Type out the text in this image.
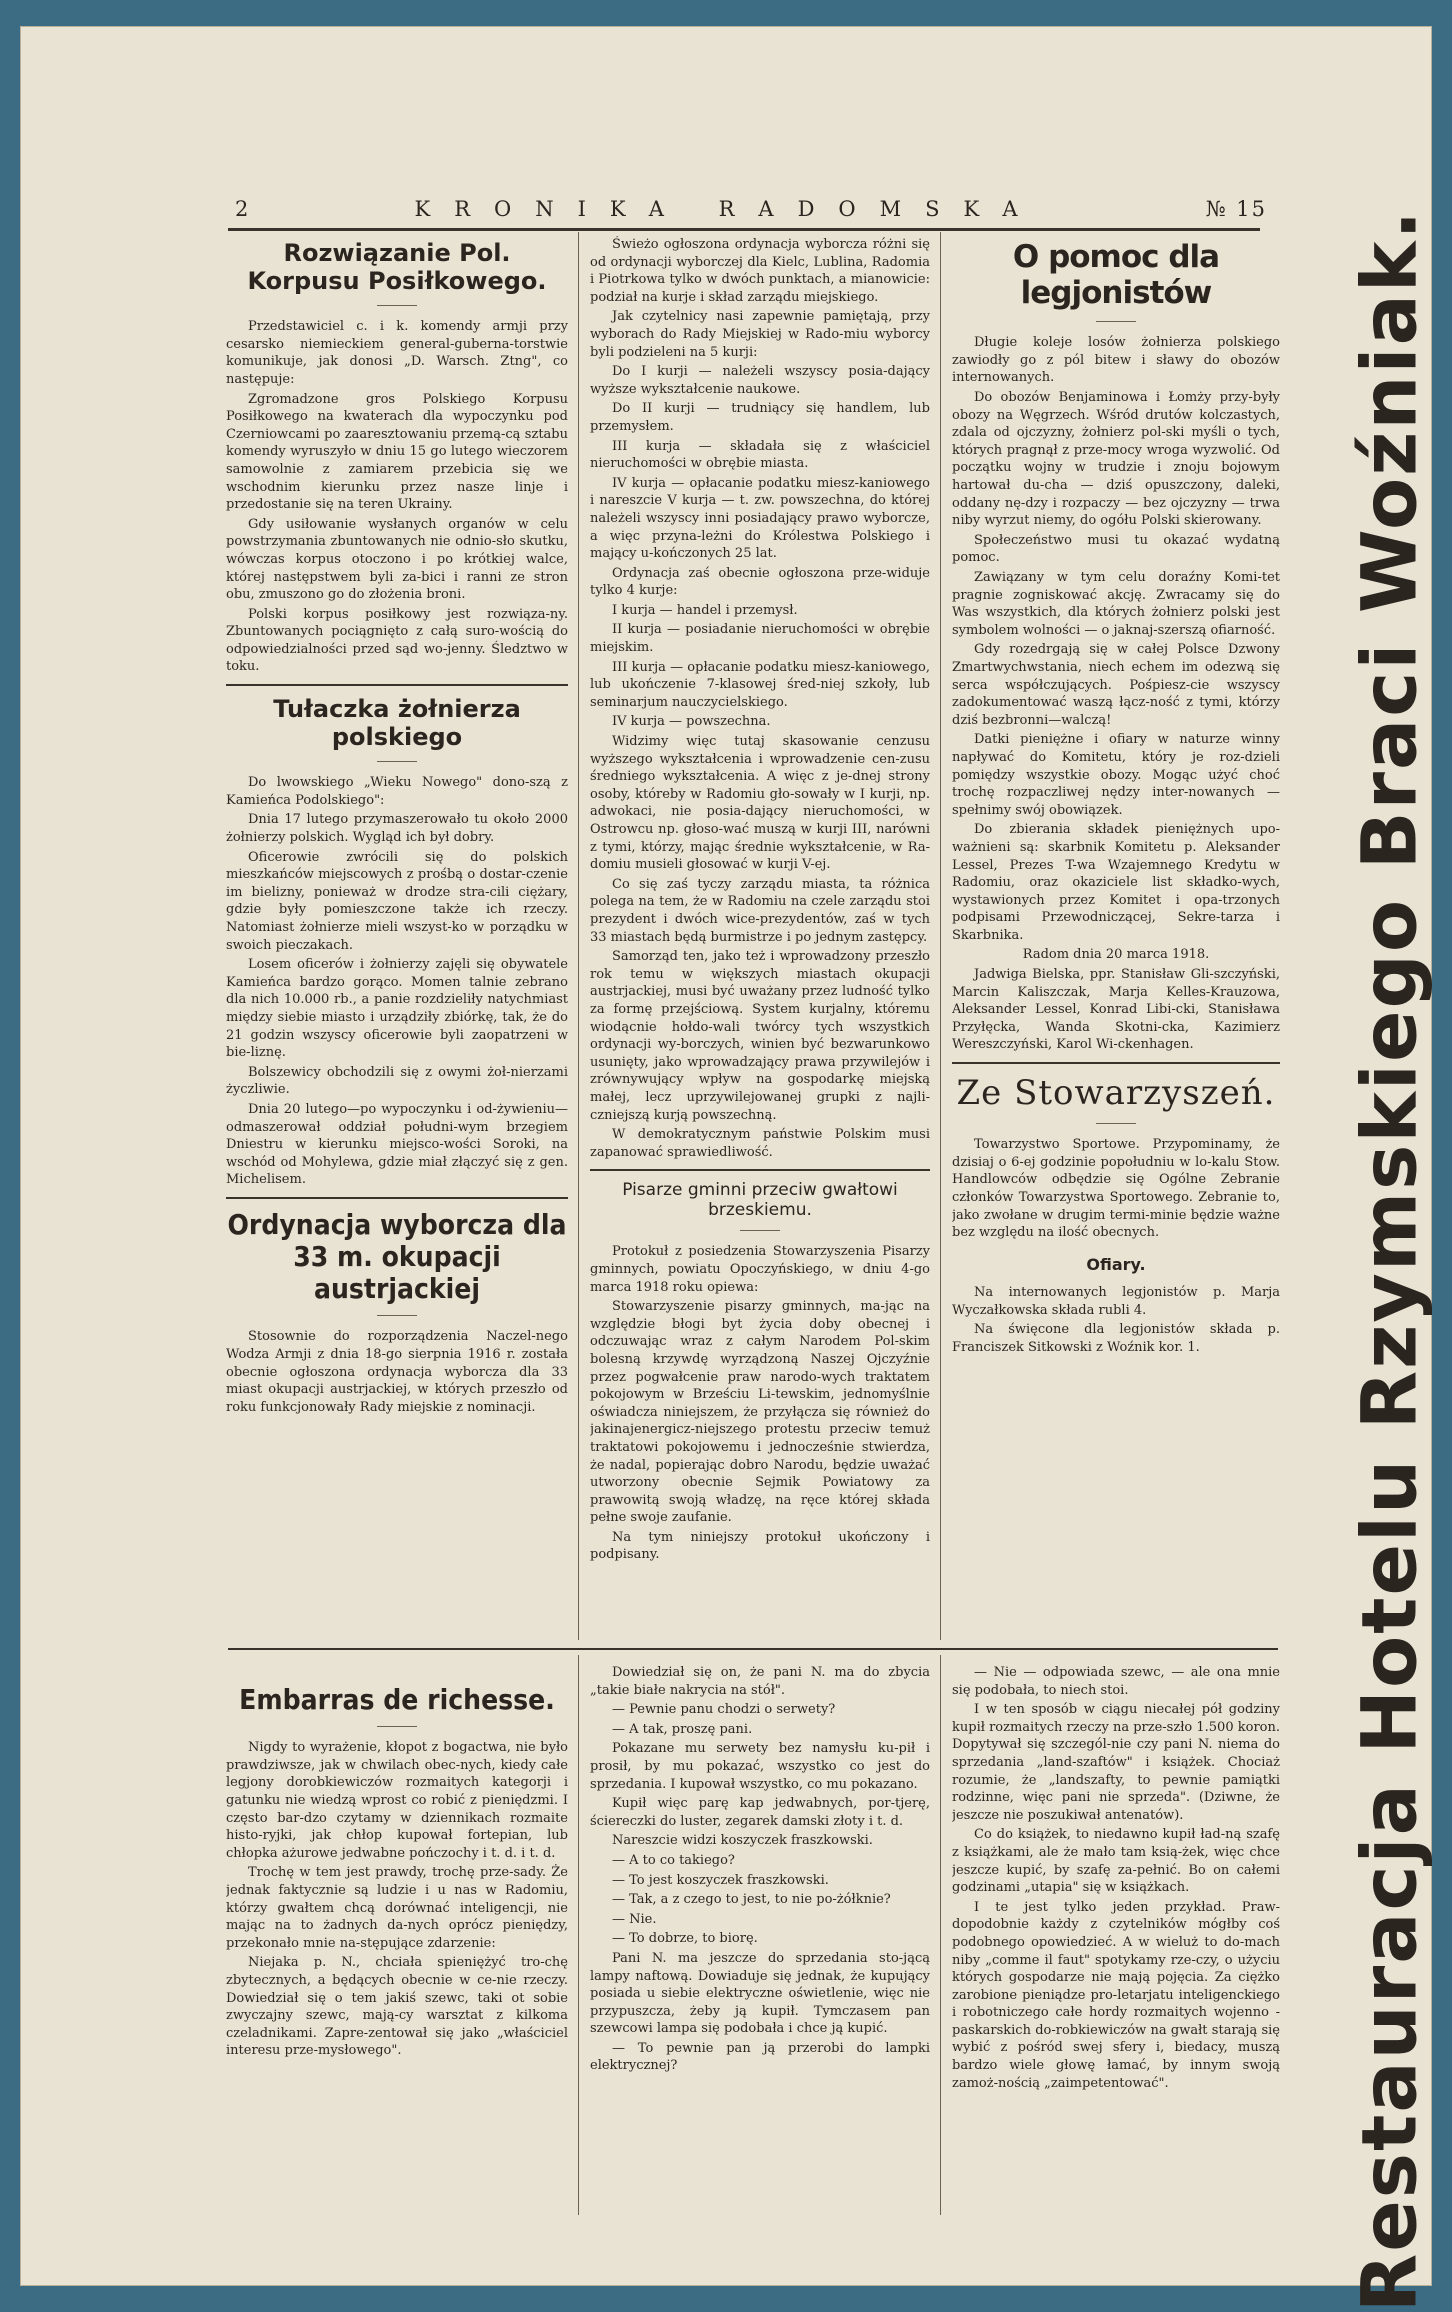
2	KRONIKA RADOMSKA	№ 15
Rozwiązanie Pol. Korpusu Posiłkowego.

Przedstawiciel c. i k. komendy armji przy cesarsko niemieckiem general-guberna-torstwie komunikuje, jak donosi „D. Warsch. Ztng", co następuje:

Zgromadzone gros Polskiego Korpusu Posiłkowego na kwaterach dla wypoczynku pod Czerniowcami po zaaresztowaniu przemą-cą sztabu komendy wyruszyło w dniu 15 go lutego wieczorem samowolnie z zamiarem przebicia się we wschodnim kierunku przez nasze linje i przedostanie się na teren Ukrainy.

Gdy usiłowanie wysłanych organów w celu powstrzymania zbuntowanych nie odnio-sło skutku, wówczas korpus otoczono i po krótkiej walce, której następstwem byli za-bici i ranni ze stron obu, zmuszono go do złożenia broni.

Polski korpus posiłkowy jest rozwiąza-ny. Zbuntowanych pociągnięto z całą suro-wością do odpowiedzialności przed sąd wo-jenny. Śledztwo w toku.

Tułaczka żołnierza polskiego

Do lwowskiego „Wieku Nowego" dono-szą z Kamieńca Podolskiego":

Dnia 17 lutego przymaszerowało tu około 2000 żołnierzy polskich. Wygląd ich był dobry.

Oficerowie zwrócili się do polskich mieszkańców miejscowych z prośbą o dostar-czenie im bielizny, ponieważ w drodze stra-cili ciężary, gdzie były pomieszczone także ich rzeczy. Natomiast żołnierze mieli wszyst-ko w porządku w swoich pieczakach.

Losem oficerów i żołnierzy zajęli się obywatele Kamieńca bardzo gorąco. Momen talnie zebrano dla nich 10.000 rb., a panie rozdzieliły natychmiast między siebie miasto i urządziły zbiórkę, tak, że do 21 godzin wszyscy oficerowie byli zaopatrzeni w bie-liznę.

Bolszewicy obchodzili się z owymi żoł-nierzami życzliwie.

Dnia 20 lutego—po wypoczynku i od-żywieniu—odmaszerował oddział południ-wym brzegiem Dniestru w kierunku miejsco-wości Soroki, na wschód od Mohylewa, gdzie miał złączyć się z gen. Michelisem.

Ordynacja wyborcza dla 33 m. okupacji austrjackiej

Stosownie do rozporządzenia Naczel-nego Wodza Armji z dnia 18-go sierpnia 1916 r. została obecnie ogłoszona ordynacja wyborcza dla 33 miast okupacji austrjackiej, w których przeszło od roku funkcjonowały Rady miejskie z nominacji.

Świeżo ogłoszona ordynacja wyborcza różni się od ordynacji wyborczej dla Kielc, Lublina, Radomia i Piotrkowa tylko w dwóch punktach, a mianowicie: podział na kurje i skład zarządu miejskiego.

Jak czytelnicy nasi zapewnie pamiętają, przy wyborach do Rady Miejskiej w Rado-miu wyborcy byli podzieleni na 5 kurji:

Do I kurji — należeli wszyscy posia-dający wyższe wykształcenie naukowe.

Do II kurji — trudniący się handlem, lub przemysłem.

III kurja — składała się z właściciel nieruchomości w obrębie miasta.

IV kurja — opłacanie podatku miesz-kaniowego i nareszcie V kurja — t. zw. powszechna, do której należeli wszyscy inni posiadający prawo wyborcze, a więc przyna-leżni do Królestwa Polskiego i mający u-kończonych 25 lat.

Ordynacja zaś obecnie ogłoszona prze-widuje tylko 4 kurje:

I kurja — handel i przemysł.

II kurja — posiadanie nieruchomości w obrębie miejskim.

III kurja — opłacanie podatku miesz-kaniowego, lub ukończenie 7-klasowej śred-niej szkoły, lub seminarjum nauczycielskiego.

IV kurja — powszechna.

Widzimy więc tutaj skasowanie cenzusu wyższego wykształcenia i wprowadzenie cen-zusu średniego wykształcenia. A więc z je-dnej strony osoby, któreby w Radomiu gło-sowały w I kurji, np. adwokaci, nie posia-dający nieruchomości, w Ostrowcu np. głoso-wać muszą w kurji III, narówni z tymi, którzy, mając średnie wykształcenie, w Ra-domiu musieli głosować w kurji V-ej.

Co się zaś tyczy zarządu miasta, ta różnica polega na tem, że w Radomiu na czele zarządu stoi prezydent i dwóch wice-prezydentów, zaś w tych 33 miastach będą burmistrze i po jednym zastępcy.

Samorząd ten, jako też i wprowadzony przeszło rok temu w większych miastach okupacji austrjackiej, musi być uważany przez ludność tylko za formę przejściową. System kurjalny, któremu wiodącnie hołdo-wali twórcy tych wszystkich ordynacji wy-borczych, winien być bezwarunkowo usunięty, jako wprowadzający prawa przywilejów i zrównywujący wpływ na gospodarkę miejską małej, lecz uprzywilejowanej grupki z najli-czniejszą kurją powszechną.

W demokratycznym państwie Polskim musi zapanować sprawiedliwość.

Pisarze gminni przeciw gwałtowi brzeskiemu.

Protokuł z posiedzenia Stowarzyszenia Pisarzy gminnych, powiatu Opoczyńskiego, w dniu 4-go marca 1918 roku opiewa:

Stowarzyszenie pisarzy gminnych, ma-jąc na względzie błogi byt życia doby obecnej i odczuwając wraz z całym Narodem Pol-skim bolesną krzywdę wyrządzoną Naszej Ojczyźnie przez pogwałcenie praw narodo-wych traktatem pokojowym w Brześciu Li-tewskim, jednomyślnie oświadcza niniejszem, że przyłącza się również do jakinajenergicz-niejszego protestu przeciw temuż traktatowi pokojowemu i jednocześnie stwierdza, że nadal, popierając dobro Narodu, będzie uważać utworzony obecnie Sejmik Powiatowy za prawowitą swoją władzę, na ręce której składa pełne swoje zaufanie.

Na tym niniejszy protokuł ukończony i podpisany.

O pomoc dla legjonistów

Długie koleje losów żołnierza polskiego zawiodły go z pól bitew i sławy do obozów internowanych.

Do obozów Benjaminowa i Łomży przy-były obozy na Węgrzech. Wśród drutów kolczastych, zdala od ojczyzny, żołnierz pol-ski myśli o tych, których pragnął z prze-mocy wroga wyzwolić. Od początku wojny w trudzie i znoju bojowym hartował du-cha — dziś opuszczony, daleki, oddany nę-dzy i rozpaczy — bez ojczyzny — trwa niby wyrzut niemy, do ogółu Polski skierowany.

Społeczeństwo musi tu okazać wydatną pomoc.

Zawiązany w tym celu doraźny Komi-tet pragnie zogniskować akcję. Zwracamy się do Was wszystkich, dla których żołnierz polski jest symbolem wolności — o jaknaj-szerszą ofiarność.

Gdy rozedrgają się w całej Polsce Dzwony Zmartwychwstania, niech echem im odezwą się serca współczujących. Pośpiesz-cie wszyscy zadokumentować waszą łącz-ność z tymi, którzy dziś bezbronni—walczą!

Datki pieniężne i ofiary w naturze winny napływać do Komitetu, który je roz-dzieli pomiędzy wszystkie obozy. Mogąc użyć choć trochę rozpaczliwej nędzy inter-nowanych — spełnimy swój obowiązek.

Do zbierania składek pieniężnych upo-ważnieni są: skarbnik Komitetu p. Aleksander Lessel, Prezes T-wa Wzajemnego Kredytu w Radomiu, oraz okaziciele list składko-wych, wystawionych przez Komitet i opa-trzonych podpisami Przewodniczącej, Sekre-tarza i Skarbnika.

Radom dnia 20 marca 1918.

Jadwiga Bielska, ppr. Stanisław Gli-szczyński, Marcin Kaliszczak, Marja Kelles-Krauzowa, Aleksander Lessel, Konrad Libi-cki, Stanisława Przyłęcka, Wanda Skotni-cka, Kazimierz Wereszczyński, Karol Wi-ckenhagen.

Ze Stowarzyszeń.

Towarzystwo Sportowe. Przypominamy, że dzisiaj o 6-ej godzinie popołudniu w lo-kalu Stow. Handlowców odbędzie się Ogólne Zebranie członków Towarzystwa Sportowego. Zebranie to, jako zwołane w drugim termi-minie będzie ważne bez względu na ilość obecnych.

Ofiary.

Na internowanych legjonistów p. Marja Wyczałkowska składa rubli 4.

Na święcone dla legjonistów składa p. Franciszek Sitkowski z Woźnik kor. 1.

Embarras de richesse.

Nigdy to wyrażenie, kłopot z bogactwa, nie było prawdziwsze, jak w chwilach obec-nych, kiedy całe legjony dorobkiewiczów rozmaitych kategorji i gatunku nie wiedzą wprost co robić z pieniędzmi. I często bar-dzo czytamy w dziennikach rozmaite histo-ryjki, jak chłop kupował fortepian, lub chłopka ażurowe jedwabne pończochy i t. d. i t. d.

Trochę w tem jest prawdy, trochę prze-sady. Że jednak faktycznie są ludzie i u nas w Radomiu, którzy gwałtem chcą dorównać inteligencji, nie mając na to żadnych da-nych oprócz pieniędzy, przekonało mnie na-stępujące zdarzenie:

Niejaka p. N., chciała spieniężyć tro-chę zbytecznych, a będących obecnie w ce-nie rzeczy. Dowiedział się o tem jakiś szewc, taki ot sobie zwyczajny szewc, mają-cy warsztat z kilkoma czeladnikami. Zapre-zentował się jako „właściciel interesu prze-mysłowego".

Dowiedział się on, że pani N. ma do zbycia „takie białe nakrycia na stół".

— Pewnie panu chodzi o serwety?

— A tak, proszę pani.

Pokazane mu serwety bez namysłu ku-pił i prosił, by mu pokazać, wszystko co jest do sprzedania. I kupował wszystko, co mu pokazano.

Kupił więc parę kap jedwabnych, por-tjerę, ściereczki do luster, zegarek damski złoty i t. d.

Nareszcie widzi koszyczek fraszkowski.

— A to co takiego?

— To jest koszyczek fraszkowski.

— Tak, a z czego to jest, to nie po-żółknie?

— Nie.

— To dobrze, to biorę.

Pani N. ma jeszcze do sprzedania sto-jącą lampy naftową. Dowiaduje się jednak, że kupujący posiada u siebie elektryczne oświetlenie, więc nie przypuszcza, żeby ją kupił. Tymczasem pan szewcowi lampa się podobała i chce ją kupić.

— To pewnie pan ją przerobi do lampki elektrycznej?

— Nie — odpowiada szewc, — ale ona mnie się podobała, to niech stoi.

I w ten sposób w ciągu niecałej pół godziny kupił rozmaitych rzeczy na prze-szło 1.500 koron. Dopytywał się szczegól-nie czy pani N. niema do sprzedania „land-szaftów" i książek. Chociaż rozumie, że „landszafty, to pewnie pamiątki rodzinne, więc pani nie sprzeda". (Dziwne, że jeszcze nie poszukiwał antenatów).

Co do książek, to niedawno kupił ład-ną szafę z książkami, ale że mało tam ksią-żek, więc chce jeszcze kupić, by szafę za-pełnić. Bo on całemi godzinami „utapia" się w książkach.

I te jest tylko jeden przykład. Praw-dopodobnie każdy z czytelników mógłby coś podobnego opowiedzieć. A w wieluż to do-mach niby „comme il faut" spotykamy rze-czy, o użyciu których gospodarze nie mają pojęcia. Za ciężko zarobione pieniądze pro-letarjatu inteligenckiego i robotniczego całe hordy rozmaitych wojenno - paskarskich do-robkiewiczów na gwałt starają się wybić z pośród swej sfery i, biedacy, muszą bardzo wiele głowę łamać, by innym swoją zamoż-nością „zaimpetentować".	Restauracja Hotelu Rzymskiego Braci Woźniak.
